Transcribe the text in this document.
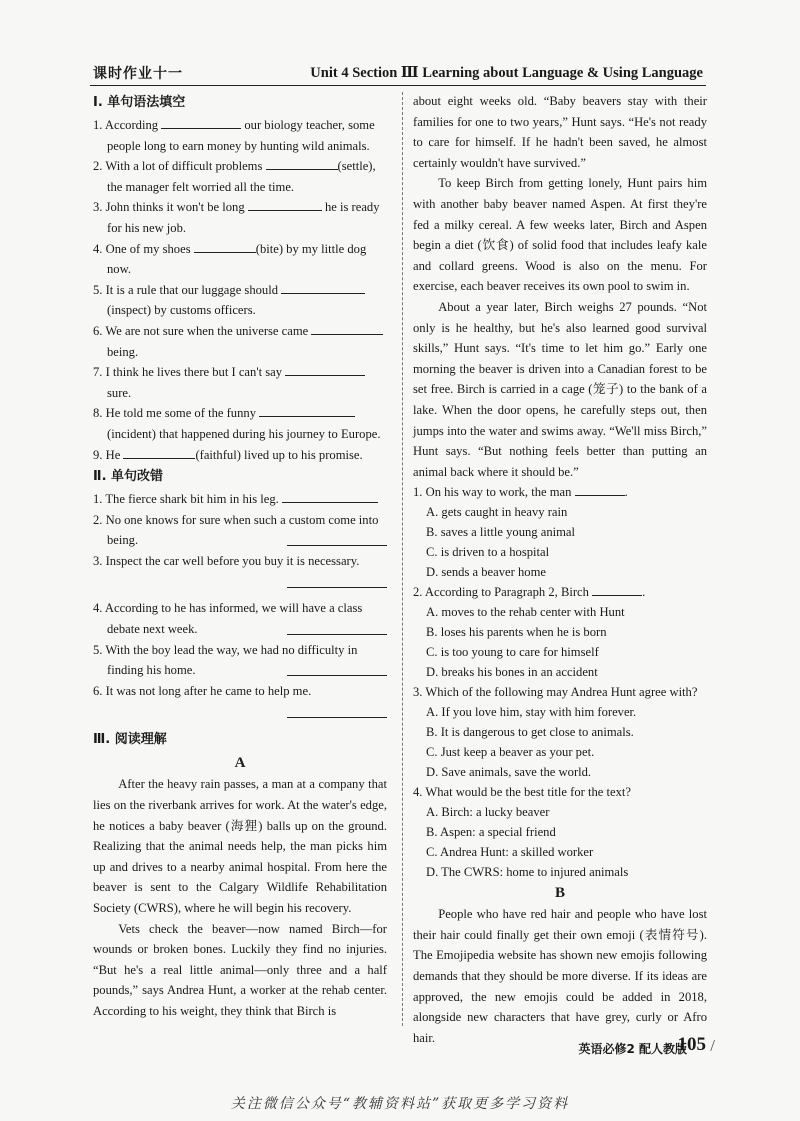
课时作业十一	Unit 4 Section Ⅲ Learning about Language & Using Language
Ⅰ. 单句语法填空
1. According	our biology teacher, some
people long to earn money by hunting wild animals.
2. With a lot of difficult problems	(settle),
the manager felt worried all the time.
3. John thinks it won't be long	he is ready
for his new job.
4. One of my shoes	(bite) by my little dog
now.
5. It is a rule that our luggage should
(inspect) by customs officers.
6. We are not sure when the universe came
being.
7. I think he lives there but I can't say
sure.
8. He told me some of the funny
(incident) that happened during his journey to Europe.
9. He	(faithful) lived up to his promise.
Ⅱ. 单句改错
1. The fierce shark bit him in his leg.
2. No one knows for sure when such a custom come into
being.
3. Inspect the car well before you buy it is necessary.
4. According to he has informed, we will have a class
debate next week.
5. With the boy lead the way, we had no difficulty in
finding his home.
6. It was not long after he came to help me.
Ⅲ. 阅读理解
A

After the heavy rain passes, a man at a company that lies on the riverbank arrives for work. At the water's edge, he notices a baby beaver (海狸) balls up on the ground. Realizing that the animal needs help, the man picks him up and drives to a nearby animal hospital. From here the beaver is sent to the Calgary Wildlife Rehabilitation Society (CWRS), where he will begin his recovery.

Vets check the beaver—now named Birch—for wounds or broken bones. Luckily they find no injuries. “But he's a real little animal—only three and a half pounds,” says Andrea Hunt, a worker at the rehab center. According to his weight, they think that Birch is

about eight weeks old. “Baby beavers stay with their families for one to two years,” Hunt says. “He's not ready to care for himself. If he hadn't been saved, he almost certainly wouldn't have survived.”

To keep Birch from getting lonely, Hunt pairs him with another baby beaver named Aspen. At first they're fed a milky cereal. A few weeks later, Birch and Aspen begin a diet (饮食) of solid food that includes leafy kale and collard greens. Wood is also on the menu. For exercise, each beaver receives its own pool to swim in.

About a year later, Birch weighs 27 pounds. “Not only is he healthy, but he's also learned good survival skills,” Hunt says. “It's time to let him go.” Early one morning the beaver is driven into a Canadian forest to be set free. Birch is carried in a cage (笼子) to the bank of a lake. When the door opens, he carefully steps out, then jumps into the water and swims away. “We'll miss Birch,” Hunt says. “But nothing feels better than putting an animal back where it should be.”

1. On his way to work, the man	.
A. gets caught in heavy rain
B. saves a little young animal
C. is driven to a hospital
D. sends a beaver home
2. According to Paragraph 2, Birch	.
A. moves to the rehab center with Hunt
B. loses his parents when he is born
C. is too young to care for himself
D. breaks his bones in an accident
3. Which of the following may Andrea Hunt agree with?
A. If you love him, stay with him forever.
B. It is dangerous to get close to animals.
C. Just keep a beaver as your pet.
D. Save animals, save the world.
4. What would be the best title for the text?
A. Birch: a lucky beaver
B. Aspen: a special friend
C. Andrea Hunt: a skilled worker
D. The CWRS: home to injured animals
B

People who have red hair and people who have lost their hair could finally get their own emoji (表情符号). The Emojipedia website has shown new emojis following demands that they should be more diverse. If its ideas are approved, the new emojis could be added in 2018, alongside new characters that have grey, curly or Afro hair.

英语必修2 配人教版
105 /
关注微信公众号“教辅资料站”获取更多学习资料
